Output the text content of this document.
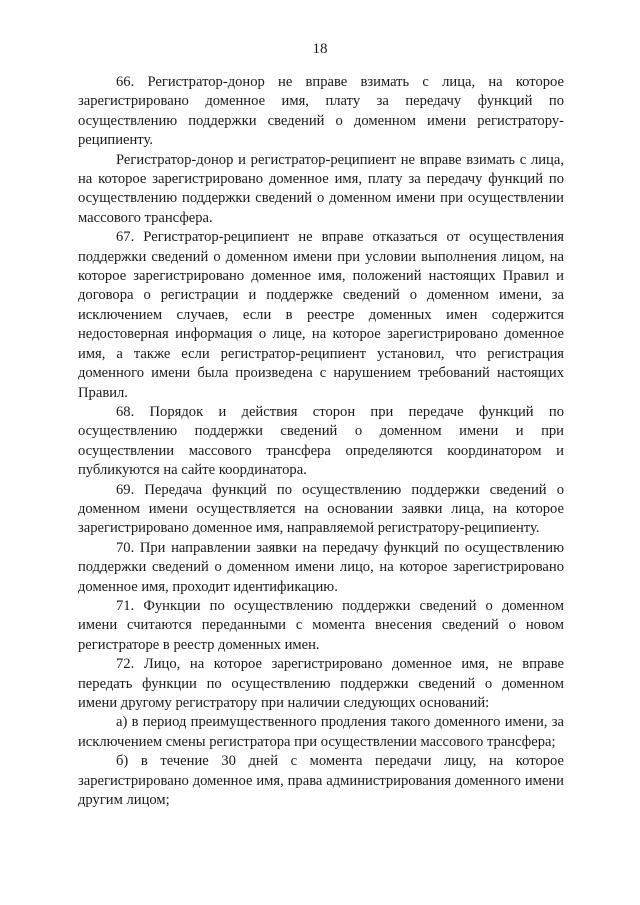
18

66. Регистратор-донор не вправе взимать с лица, на которое зарегистрировано доменное имя, плату за передачу функций по осуществлению поддержки сведений о доменном имени регистратору-реципиенту.

Регистратор-донор и регистратор-реципиент не вправе взимать с лица, на которое зарегистрировано доменное имя, плату за передачу функций по осуществлению поддержки сведений о доменном имени при осуществлении массового трансфера.

67. Регистратор-реципиент не вправе отказаться от осуществления поддержки сведений о доменном имени при условии выполнения лицом, на которое зарегистрировано доменное имя, положений настоящих Правил и договора о регистрации и поддержке сведений о доменном имени, за исключением случаев, если в реестре доменных имен содержится недостоверная информация о лице, на которое зарегистрировано доменное имя, а также если регистратор-реципиент установил, что регистрация доменного имени была произведена с нарушением требований настоящих Правил.

68. Порядок и действия сторон при передаче функций по осуществлению поддержки сведений о доменном имени и при осуществлении массового трансфера определяются координатором и публикуются на сайте координатора.

69. Передача функций по осуществлению поддержки сведений о доменном имени осуществляется на основании заявки лица, на которое зарегистрировано доменное имя, направляемой регистратору-реципиенту.

70. При направлении заявки на передачу функций по осуществлению поддержки сведений о доменном имени лицо, на которое зарегистрировано доменное имя, проходит идентификацию.

71. Функции по осуществлению поддержки сведений о доменном имени считаются переданными с момента внесения сведений о новом регистраторе в реестр доменных имен.

72. Лицо, на которое зарегистрировано доменное имя, не вправе передать функции по осуществлению поддержки сведений о доменном имени другому регистратору при наличии следующих оснований:

а) в период преимущественного продления такого доменного имени, за исключением смены регистратора при осуществлении массового трансфера;

б) в течение 30 дней с момента передачи лицу, на которое зарегистрировано доменное имя, права администрирования доменного имени другим лицом;
